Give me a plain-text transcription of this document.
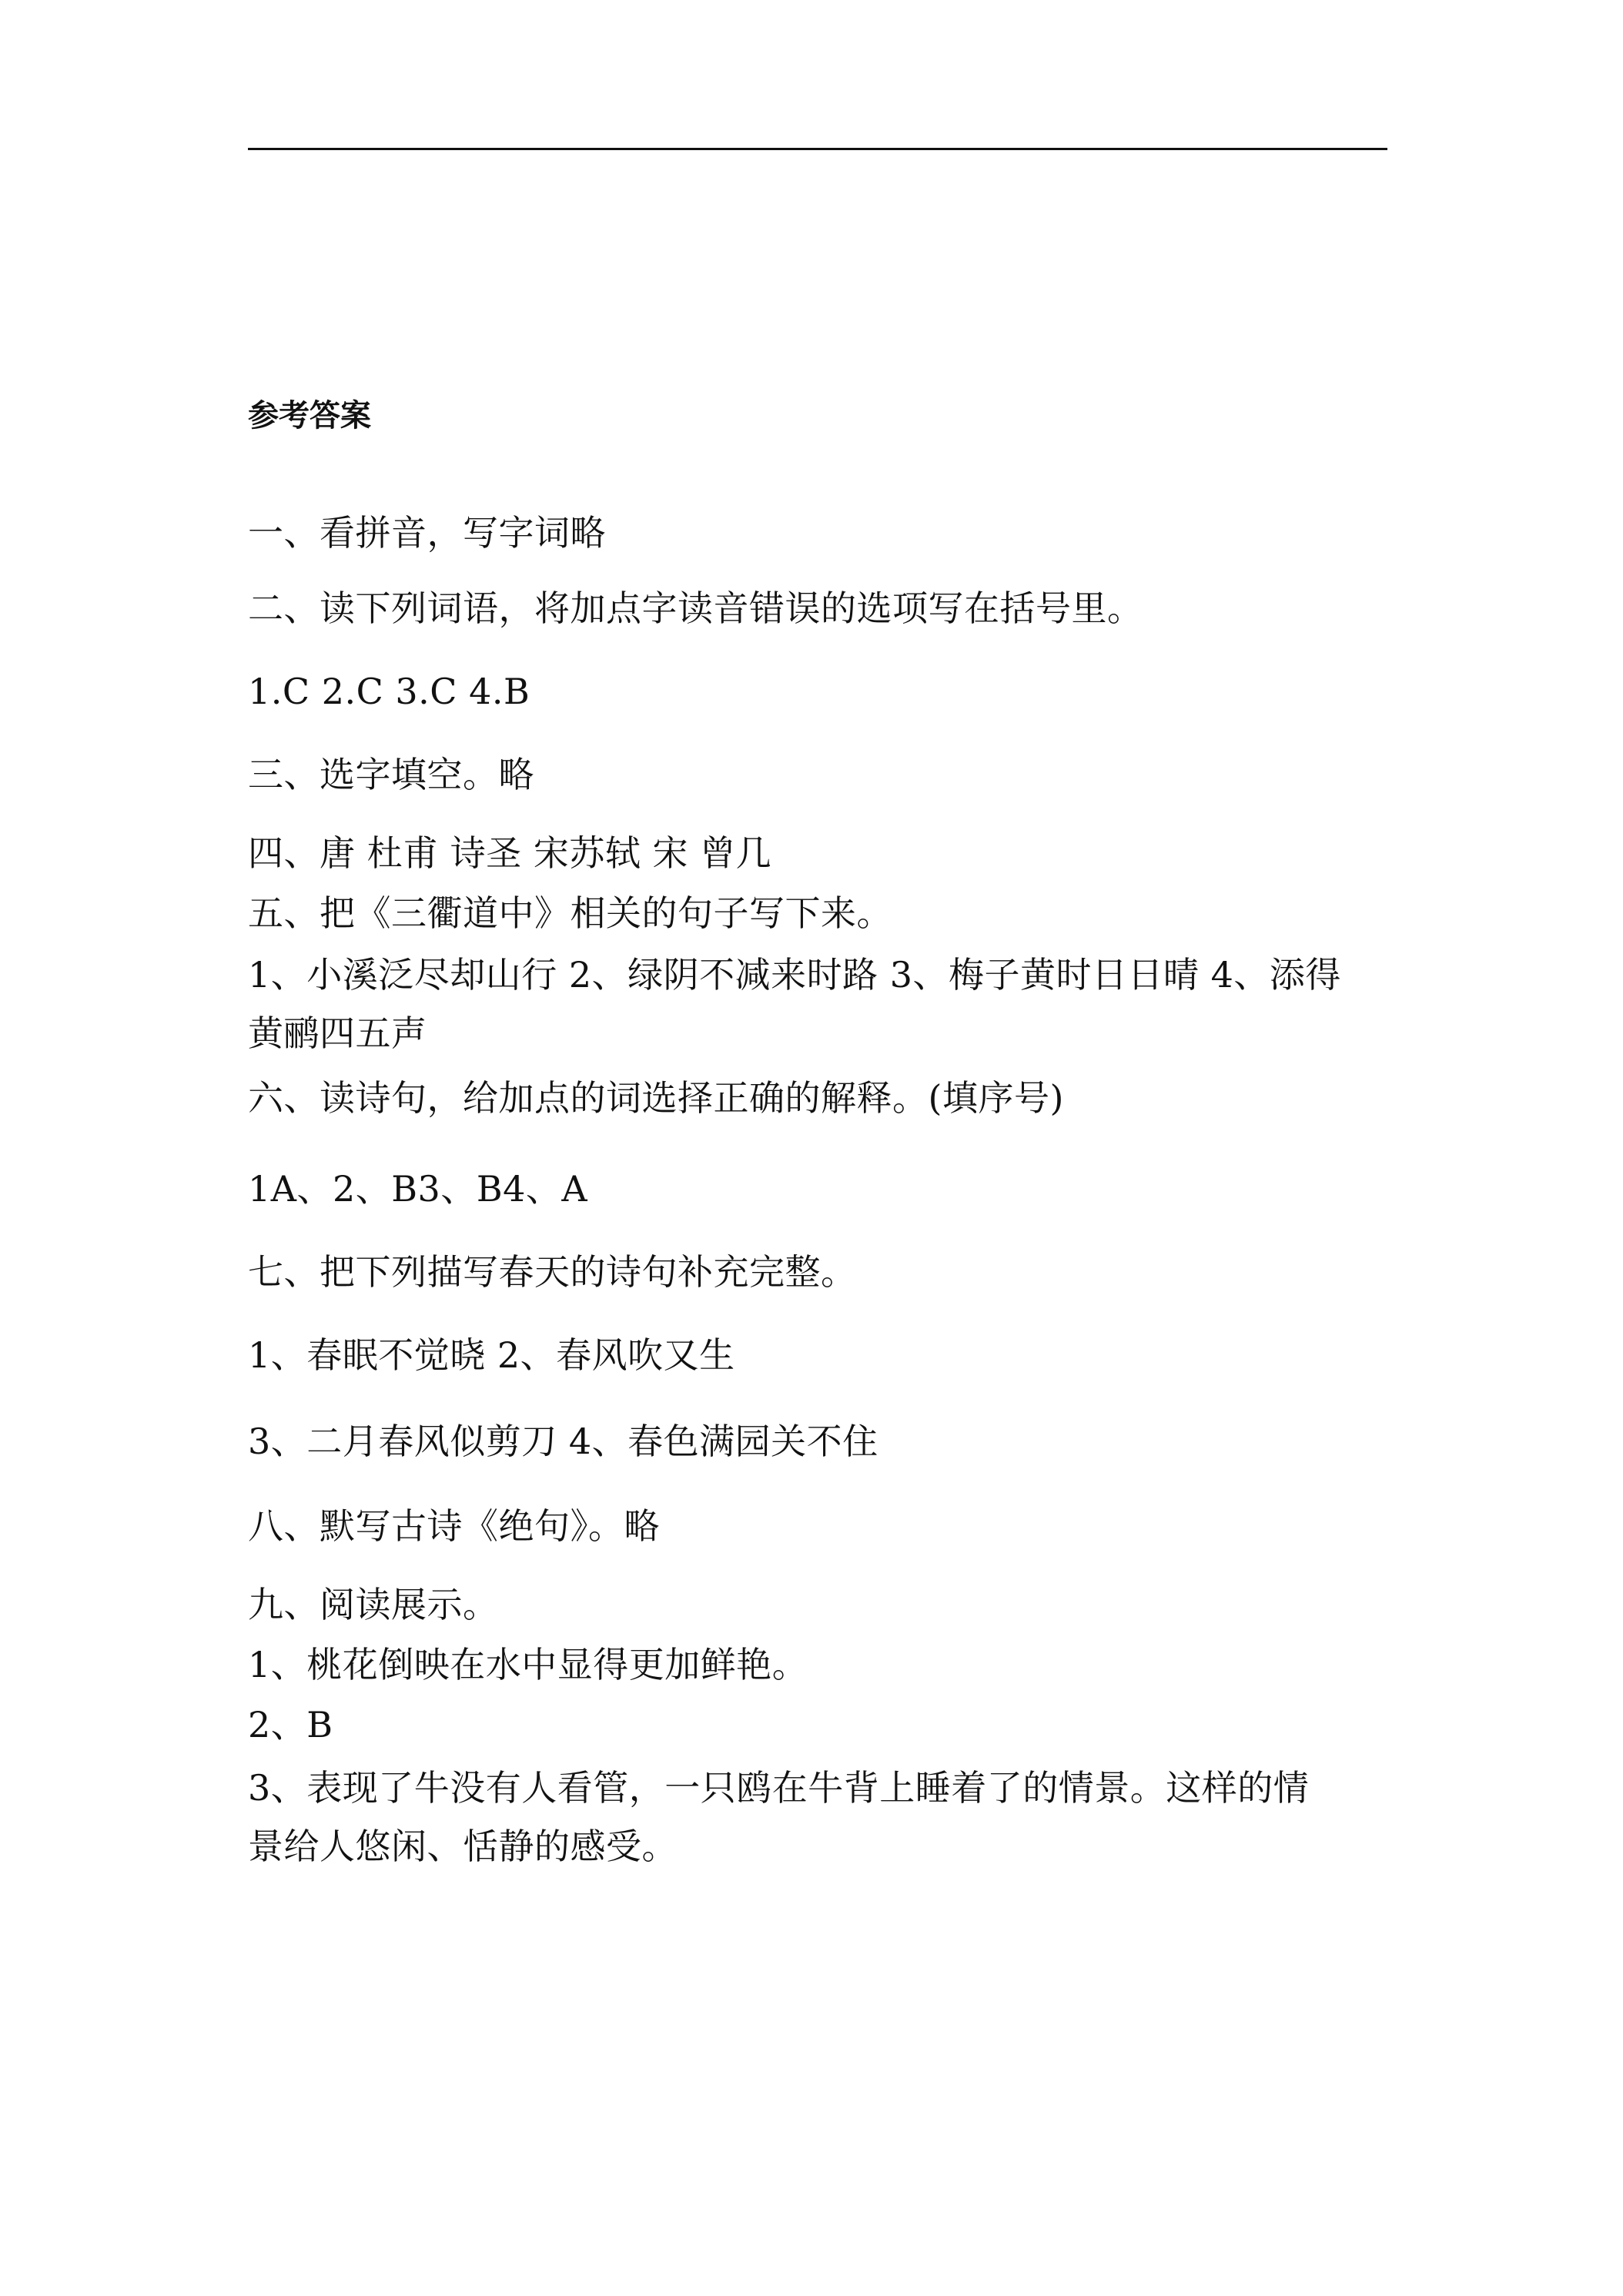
参考答案
一、看拼音，写字词略
二、读下列词语，将加点字读音错误的选项写在括号里。
1.C 2.C 3.C 4.B
三、选字填空。略
四、唐 杜甫 诗圣 宋苏轼 宋 曾几
五、把《三衢道中》相关的句子写下来。
1、小溪泛尽却山行 2、绿阴不减来时路 3、梅子黄时日日晴 4、添得
黄鹂四五声
六、读诗句，给加点的词选择正确的解释。(填序号)
1A、2、B3、B4、A
七、把下列描写春天的诗句补充完整。
1、春眠不觉晓 2、春风吹又生
3、二月春风似剪刀 4、春色满园关不住
八、默写古诗《绝句》。略
九、阅读展示。
1、桃花倒映在水中显得更加鲜艳。
2、B
3、表现了牛没有人看管，一只鸥在牛背上睡着了的情景。这样的情
景给人悠闲、恬静的感受。
